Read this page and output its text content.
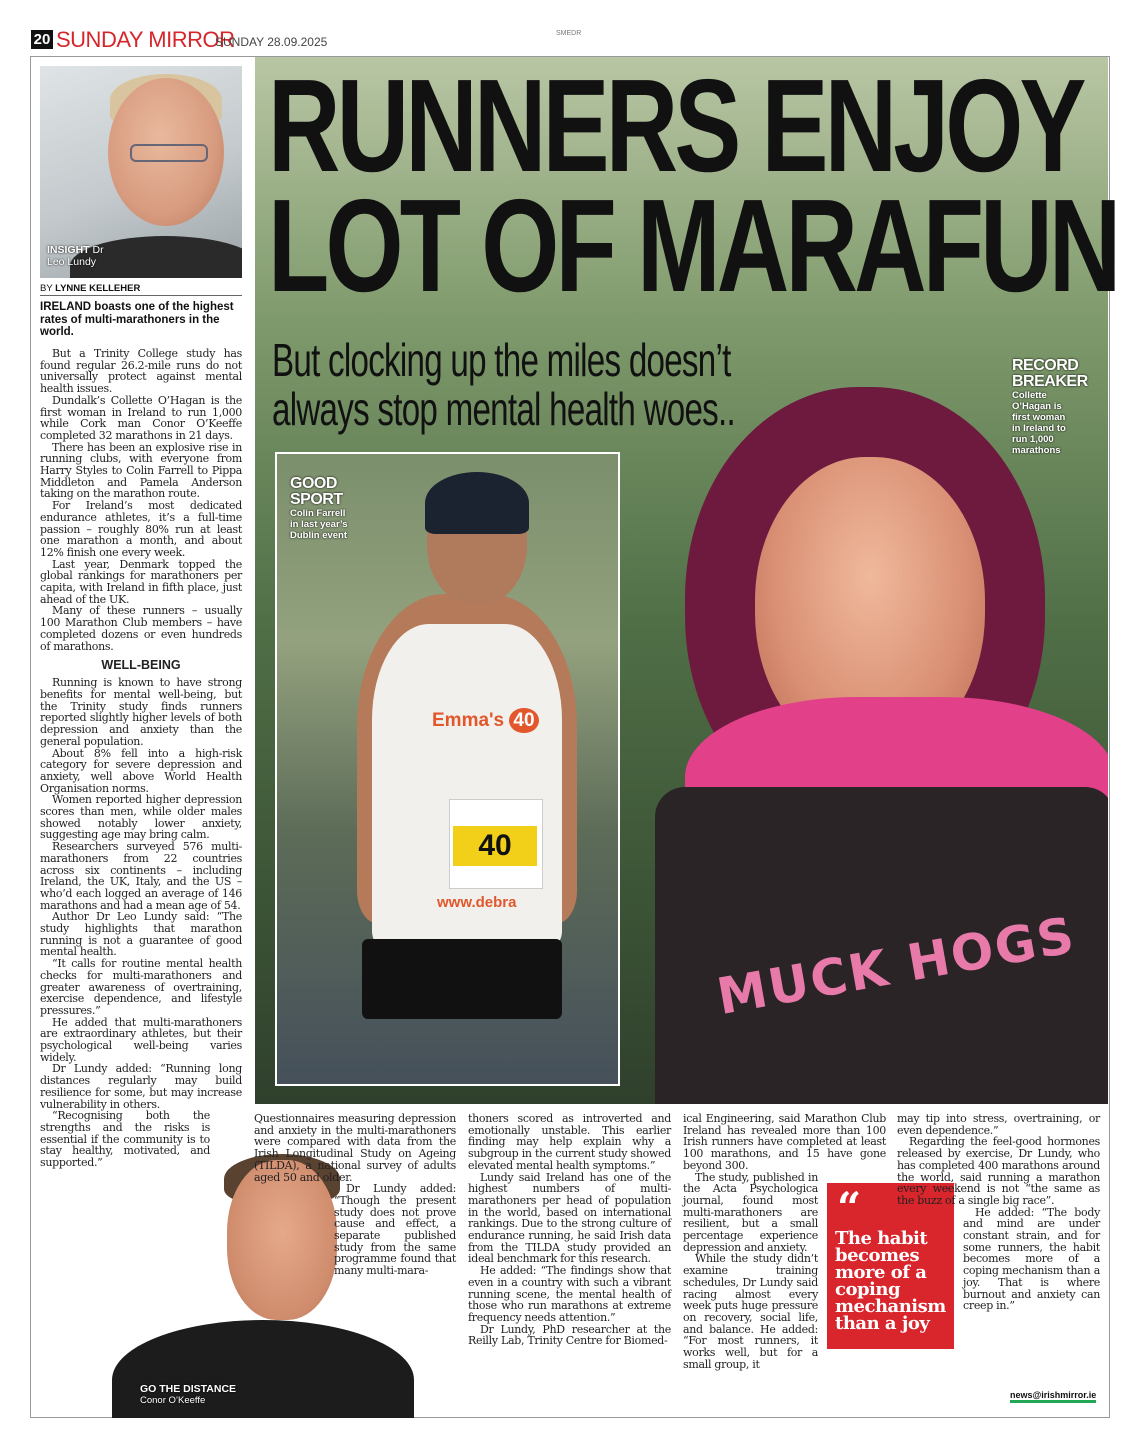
20 SUNDAY MIRROR
SUNDAY 28.09.2025
SMEDR
MUCK HOGS
RUNNERS ENJOY
LOT OF MARAFUN
But clocking up the miles doesn’t
always stop mental health woes..
RECORD
BREAKER
Collette
O’Hagan is
first woman
in Ireland to
run 1,000
marathons
Emma's 40
40
www.debra
GOOD
SPORT
Colin Farrell
in last year’s
Dublin event
INSIGHT Dr
Leo Lundy
BY LYNNE KELLEHER
IRELAND boasts one of the highest rates of multi-marathoners in the world.

But a Trinity College study has found regular 26.2-mile runs do not universally protect against mental health issues.

Dundalk’s Collette O’Hagan is the first woman in Ireland to run 1,000 while Cork man Conor O’Keeffe completed 32 marathons in 21 days.

There has been an explosive rise in running clubs, with everyone from Harry Styles to Colin Farrell to Pippa Middleton and Pamela Anderson taking on the marathon route.

For Ireland’s most dedicated endurance athletes, it’s a full-time passion – roughly 80% run at least one marathon a month, and about 12% finish one every week.

Last year, Denmark topped the global rankings for marathoners per capita, with Ireland in fifth place, just ahead of the UK.

Many of these runners – usually 100 Marathon Club members – have completed dozens or even hundreds of marathons.

WELL-BEING

Running is known to have strong benefits for mental well-being, but the Trinity study finds runners reported slightly higher levels of both depression and anxiety than the general population.

About 8% fell into a high-risk category for severe depression and anxiety, well above World Health Organisation norms.

Women reported higher depression scores than men, while older males showed notably lower anxiety, suggesting age may bring calm.

Researchers surveyed 576 multi-marathoners from 22 countries across six continents – including Ireland, the UK, Italy, and the US – who’d each logged an average of 146 marathons and had a mean age of 54.

Author Dr Leo Lundy said: “The study highlights that marathon running is not a guarantee of good mental health.

“It calls for routine mental health checks for multi-marathoners and greater awareness of overtraining, exercise dependence, and lifestyle pressures.”

He added that multi-marathoners are extraordinary athletes, but their psychological well-being varies widely.

Dr Lundy added: “Running long distances regularly may build resilience for some, but may increase vulnerability in others.

“Recognising both the strengths and the risks is essential if the community is to stay healthy, motivated, and supported.”

GO THE DISTANCE
Conor O’Keeffe

Questionnaires measuring depression and anxiety in the multi-marathoners were compared with data from the Irish Longitudinal Study on Ageing (TILDA), a national survey of adults aged 50 and older.

Dr Lundy added: “Though the present study does not prove cause and effect, a separate published study from the same programme found that many multi-mara-

thoners scored as introverted and emotionally unstable. This earlier finding may help explain why a subgroup in the current study showed elevated mental health symptoms.”

Lundy said Ireland has one of the highest numbers of multi-marathoners per head of population in the world, based on international rankings. Due to the strong culture of endurance running, he said Irish data from the TILDA study provided an ideal benchmark for this research.

He added: “The findings show that even in a country with such a vibrant running scene, the mental health of those who run marathons at extreme frequency needs attention.”

Dr Lundy, PhD researcher at the Reilly Lab, Trinity Centre for Biomed-

ical Engineering, said Marathon Club Ireland has revealed more than 100 Irish runners have completed at least 100 marathons, and 15 have gone beyond 300.

The study, published in the Acta Psychologica journal, found most multi-marathoners are resilient, but a small percentage experience depression and anxiety.

While the study didn’t examine training schedules, Dr Lundy said racing almost every week puts huge pressure on recovery, social life, and balance. He added: “For most runners, it works well, but for a small group, it

“
The habit becomes more of a coping mechanism than a joy

may tip into stress, overtraining, or even dependence.”

Regarding the feel-good hormones released by exercise, Dr Lundy, who has completed 400 marathons around the world, said running a marathon every weekend is not “the same as the buzz of a single big race”.

He added: “The body and mind are under constant strain, and for some runners, the habit becomes more of a coping mechanism than a joy. That is where burnout and anxiety can creep in.”

news@irishmirror.ie
